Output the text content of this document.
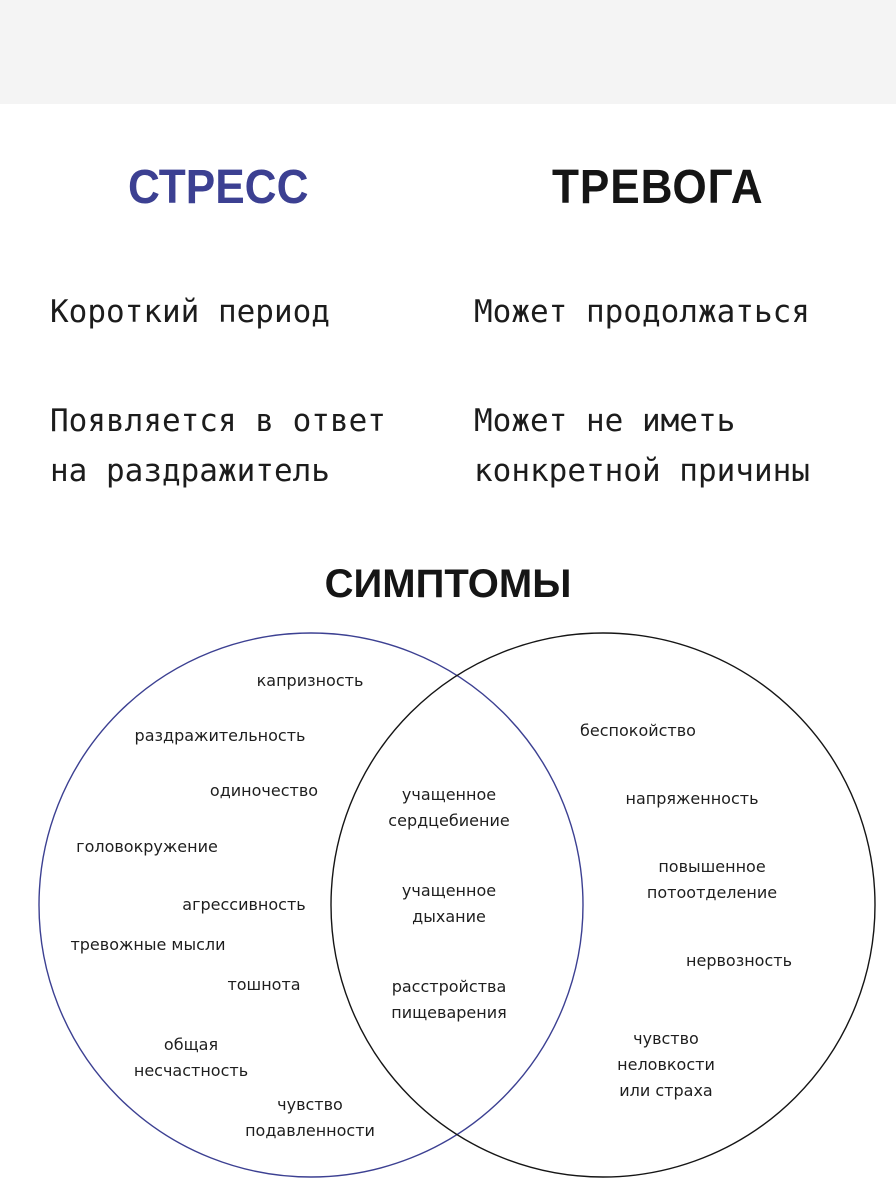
СТРЕСС	ТРЕВОГА

Короткий период	Может продолжаться

Появляется в ответ
на раздражитель

Может не иметь
конкретной причины

СИМПТОМЫ

капризность

раздражительность

одиночество

головокружение

агрессивность

тревожные мысли

тошнота

общая
несчастность

чувство
подавленности

учащенное
сердцебиение

учащенное
дыхание

расстройства
пищеварения

беспокойство

напряженность

повышенное
потоотделение

нервозность

чувство
неловкости
или страха
